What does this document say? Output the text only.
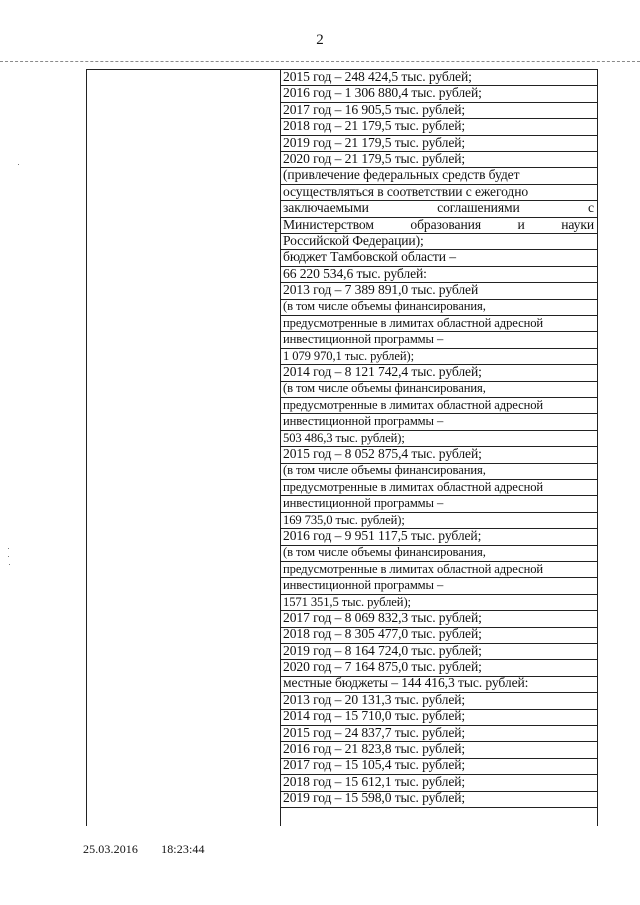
2
2015 год – 248 424,5 тыс. рублей;
2016 год – 1 306 880,4 тыс. рублей;
2017 год – 16 905,5 тыс. рублей;
2018 год – 21 179,5 тыс. рублей;
2019 год – 21 179,5 тыс. рублей;
2020 год – 21 179,5 тыс. рублей;
(привлечение федеральных средств будет
осуществляться в соответствии с ежегодно
заключаемыми	соглашениями	с
Министерством	образования	и	науки
Российской Федерации);
бюджет Тамбовской области –
66 220 534,6 тыс. рублей:
2013 год – 7 389 891,0 тыс. рублей
(в том числе объемы финансирования,
предусмотренные в лимитах областной адресной
инвестиционной программы –
1 079 970,1 тыс. рублей);
2014 год – 8 121 742,4 тыс. рублей;
(в том числе объемы финансирования,
предусмотренные в лимитах областной адресной
инвестиционной программы –
503 486,3 тыс. рублей);
2015 год – 8 052 875,4 тыс. рублей;
(в том числе объемы финансирования,
предусмотренные в лимитах областной адресной
инвестиционной программы –
169 735,0 тыс. рублей);
2016 год – 9 951 117,5 тыс. рублей;
(в том числе объемы финансирования,
предусмотренные в лимитах областной адресной
инвестиционной программы –
1571 351,5 тыс. рублей);
2017 год – 8 069 832,3 тыс. рублей;
2018 год – 8 305 477,0 тыс. рублей;
2019 год – 8 164 724,0 тыс. рублей;
2020 год – 7 164 875,0 тыс. рублей;
местные бюджеты – 144 416,3 тыс. рублей:
2013 год – 20 131,3 тыс. рублей;
2014 год – 15 710,0 тыс. рублей;
2015 год – 24 837,7 тыс. рублей;
2016 год – 21 823,8 тыс. рублей;
2017 год – 15 105,4 тыс. рублей;
2018 год – 15 612,1 тыс. рублей;
2019 год – 15 598,0 тыс. рублей;
25.03.2016 18:23:44
